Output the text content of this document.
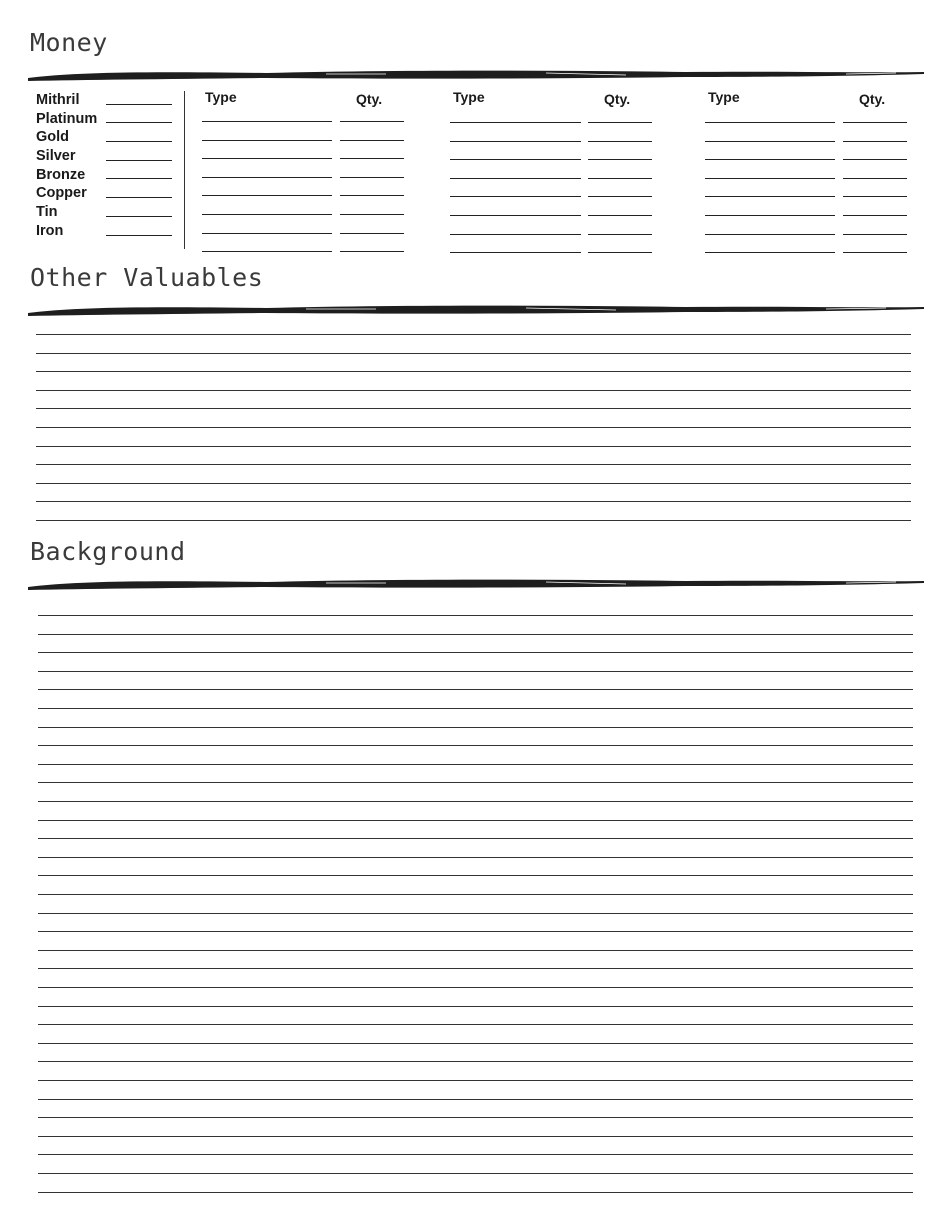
Money
Mithril
Platinum
Gold
Silver
Bronze
Copper
Tin
Iron
Type	Qty.	Type	Qty.	Type	Qty.
Other Valuables
Background
